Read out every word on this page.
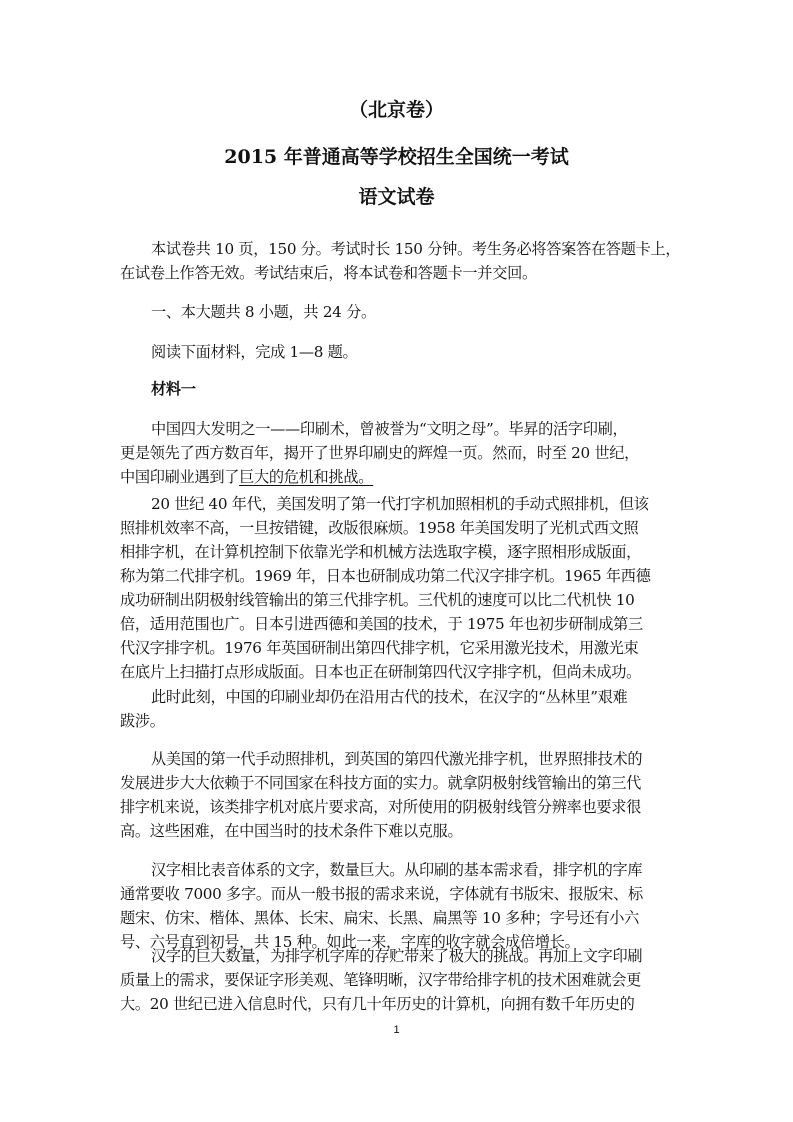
（北京卷）
2015 年普通高等学校招生全国统一考试
语文试卷

本试卷共 10 页，150 分。考试时长 150 分钟。考生务必将答案答在答题卡上，
在试卷上作答无效。考试结束后，将本试卷和答题卡一并交回。

一、本大题共 8 小题，共 24 分。

阅读下面材料，完成 1—8 题。

材料一

中国四大发明之一——印刷术，曾被誉为“文明之母”。毕昇的活字印刷，
更是领先了西方数百年，揭开了世界印刷史的辉煌一页。然而，时至 20 世纪，
中国印刷业遇到了巨大的危机和挑战。

20 世纪 40 年代，美国发明了第一代打字机加照相机的手动式照排机，但该
照排机效率不高，一旦按错键，改版很麻烦。1958 年美国发明了光机式西文照
相排字机，在计算机控制下依靠光学和机械方法选取字模，逐字照相形成版面，
称为第二代排字机。1969 年，日本也研制成功第二代汉字排字机。1965 年西德
成功研制出阴极射线管输出的第三代排字机。三代机的速度可以比二代机快 10
倍，适用范围也广。日本引进西德和美国的技术，于 1975 年也初步研制成第三
代汉字排字机。1976 年英国研制出第四代排字机，它采用激光技术，用激光束
在底片上扫描打点形成版面。日本也正在研制第四代汉字排字机，但尚未成功。

此时此刻，中国的印刷业却仍在沿用古代的技术，在汉字的“丛林里”艰难
跋涉。

从美国的第一代手动照排机，到英国的第四代激光排字机，世界照排技术的
发展进步大大依赖于不同国家在科技方面的实力。就拿阴极射线管输出的第三代
排字机来说，该类排字机对底片要求高，对所使用的阴极射线管分辨率也要求很
高。这些困难，在中国当时的技术条件下难以克服。

汉字相比表音体系的文字，数量巨大。从印刷的基本需求看，排字机的字库
通常要收 7000 多字。而从一般书报的需求来说，字体就有书版宋、报版宋、标
题宋、仿宋、楷体、黑体、长宋、扁宋、长黑、扁黑等 10 多种；字号还有小六
号、六号直到初号，共 15 种。如此一来，字库的收字就会成倍增长。

汉字的巨大数量，为排字机字库的存贮带来了极大的挑战。再加上文字印刷
质量上的需求，要保证字形美观、笔锋明晰，汉字带给排字机的技术困难就会更
大。20 世纪已进入信息时代，只有几十年历史的计算机，向拥有数千年历史的

1
